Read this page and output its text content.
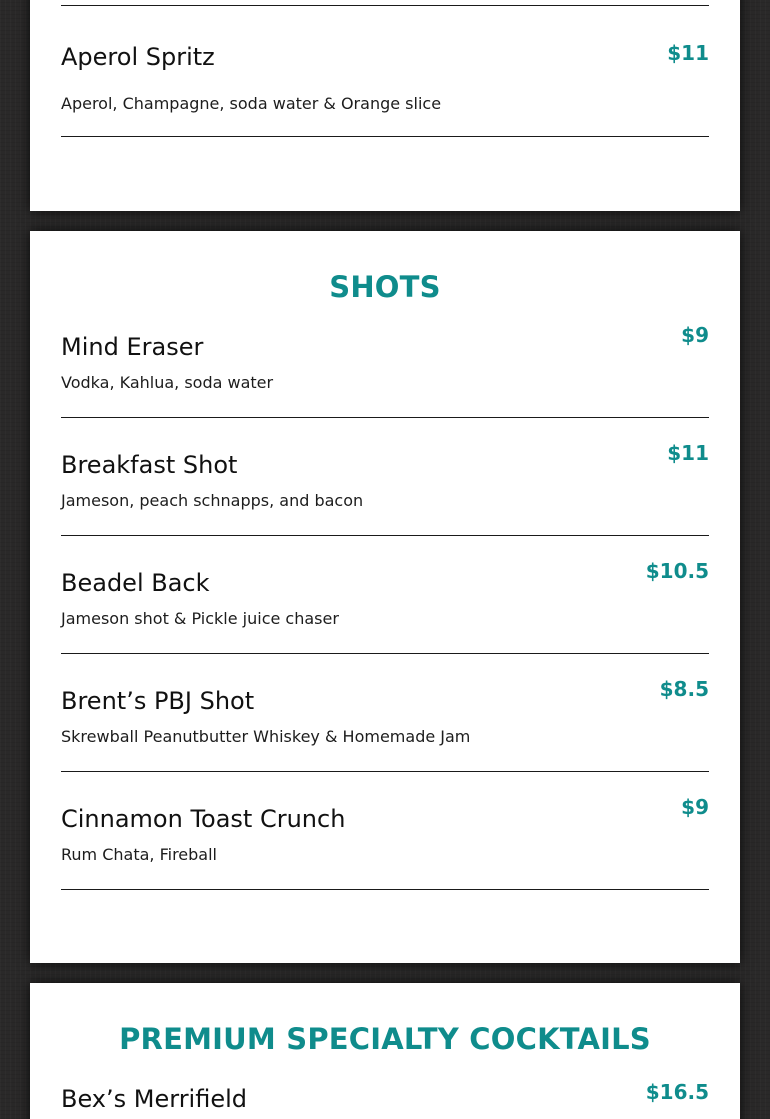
Aperol Spritz
Aperol, Champagne, soda water & Orange slice
$11
SHOTS
Mind Eraser
Vodka, Kahlua, soda water
$9
Breakfast Shot
Jameson, peach schnapps, and bacon
$11
Beadel Back
Jameson shot & Pickle juice chaser
$10.5
Brent’s PBJ Shot
Skrewball Peanutbutter Whiskey & Homemade Jam
$8.5
Cinnamon Toast Crunch
Rum Chata, Fireball
$9
PREMIUM SPECIALTY COCKTAILS
Bex’s Merrifield	$16.5
